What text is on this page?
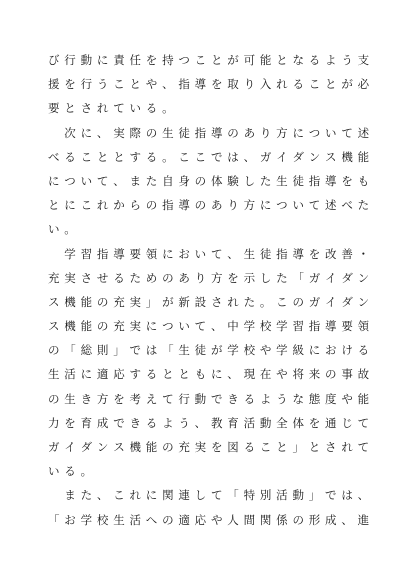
び 行 動 に 責 任 を 持 つ こ と が 可 能 と な る よ う 支
援 を 行 う こ と や 、 指 導 を 取 り 入 れ る こ と が 必
要 と さ れ て い る 。

次 に 、 実 際 の 生 徒 指 導 の あ り 方 に つ い て 述
べ る こ と と す る 。 こ こ で は 、 ガ イ ダ ン ス 機 能
に つ い て 、 ま た 自 身 の 体 験 し た 生 徒 指 導 を も
と に こ れ か ら の 指 導 の あ り 方 に つ い て 述 べ た
い 。

学 習 指 導 要 領 に お い て 、 生 徒 指 導 を 改 善 ・
充 実 さ せ る た め の あ り 方 を 示 し た 「 ガ イ ダ ン
ス 機 能 の 充 実 」 が 新 設 さ れ た 。 こ の ガ イ ダ ン
ス 機 能 の 充 実 に つ い て 、 中 学 校 学 習 指 導 要 領
の 「 総 則 」 で は 「 生 徒 が 学 校 や 学 級 に お け る
生 活 に 適 応 す る と と も に 、 現 在 や 将 来 の 事 故
の 生 き 方 を 考 え て 行 動 で き る よ う な 態 度 や 能
力 を 育 成 で き る よ う 、 教 育 活 動 全 体 を 通 じ て
ガ イ ダ ン ス 機 能 の 充 実 を 図 る こ と 」 と さ れ て
い る 。

ま た 、 こ れ に 関 連 し て 「 特 別 活 動 」 で は 、
「 お 学 校 生 活 へ の 適 応 や 人 間 関 係 の 形 成 、 進
